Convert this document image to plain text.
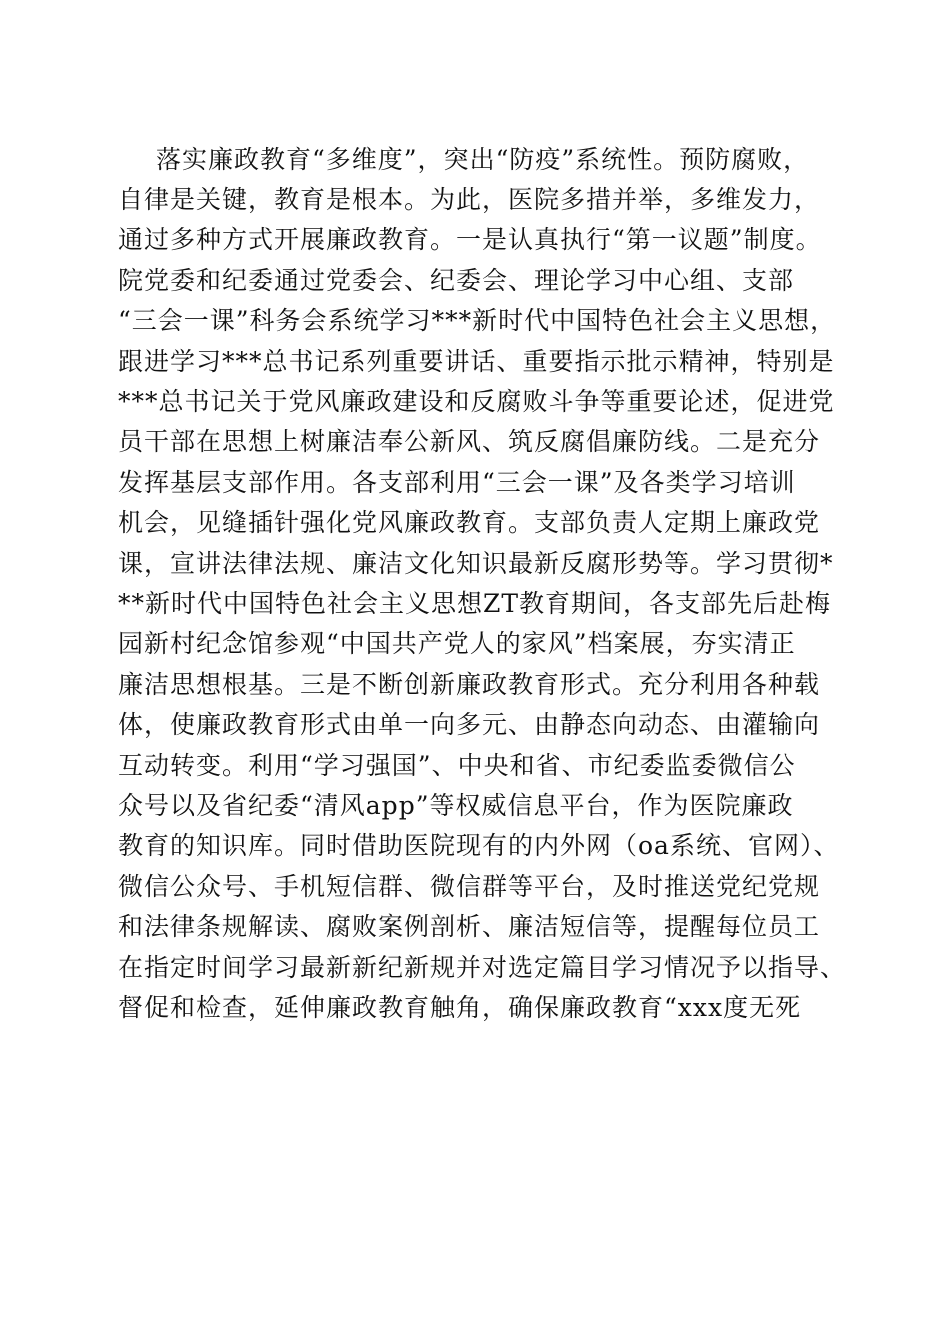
落实廉政教育“多维度”，突出“防疫”系统性。预防腐败，
自律是关键，教育是根本。为此，医院多措并举，多维发力，
通过多种方式开展廉政教育。一是认真执行“第一议题”制度。
院党委和纪委通过党委会、纪委会、理论学习中心组、支部
“三会一课”科务会系统学习***新时代中国特色社会主义思想，
跟进学习***总书记系列重要讲话、重要指示批示精神，特别是
***总书记关于党风廉政建设和反腐败斗争等重要论述，促进党
员干部在思想上树廉洁奉公新风、筑反腐倡廉防线。二是充分
发挥基层支部作用。各支部利用“三会一课”及各类学习培训
机会，见缝插针强化党风廉政教育。支部负责人定期上廉政党
课，宣讲法律法规、廉洁文化知识最新反腐形势等。学习贯彻*
**新时代中国特色社会主义思想ZT教育期间，各支部先后赴梅
园新村纪念馆参观“中国共产党人的家风”档案展，夯实清正
廉洁思想根基。三是不断创新廉政教育形式。充分利用各种载
体，使廉政教育形式由单一向多元、由静态向动态、由灌输向
互动转变。利用“学习强国”、中央和省、市纪委监委微信公
众号以及省纪委“清风app”等权威信息平台，作为医院廉政
教育的知识库。同时借助医院现有的内外网（oa系统、官网）、
微信公众号、手机短信群、微信群等平台，及时推送党纪党规
和法律条规解读、腐败案例剖析、廉洁短信等，提醒每位员工
在指定时间学习最新新纪新规并对选定篇目学习情况予以指导、
督促和检查，延伸廉政教育触角，确保廉政教育“xxx度无死
